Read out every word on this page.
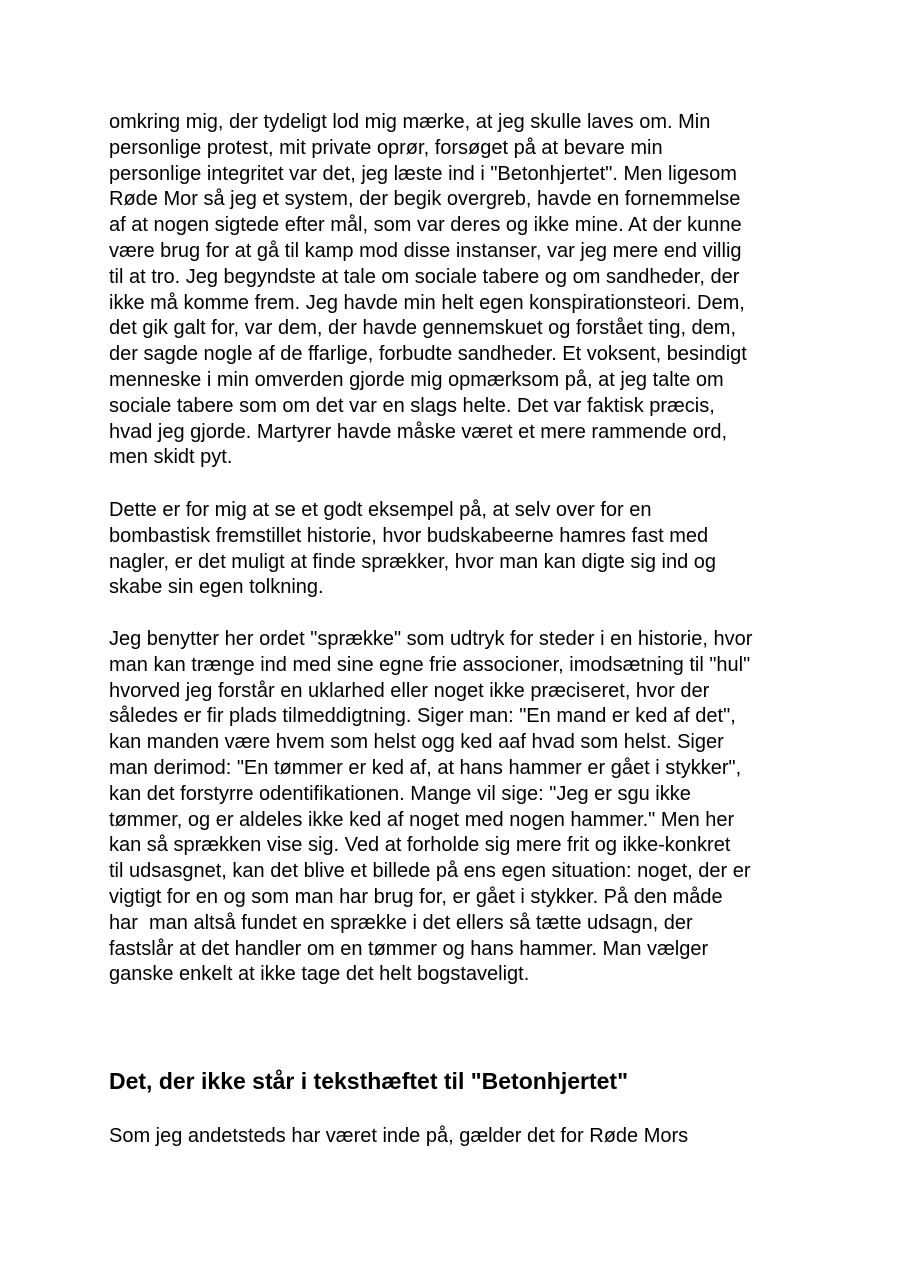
omkring mig, der tydeligt lod mig mærke, at jeg skulle laves om. Min
personlige protest, mit private oprør, forsøget på at bevare min
personlige integritet var det, jeg læste ind i "Betonhjertet". Men ligesom
Røde Mor så jeg et system, der begik overgreb, havde en fornemmelse
af at nogen sigtede efter mål, som var deres og ikke mine. At der kunne
være brug for at gå til kamp mod disse instanser, var jeg mere end villig
til at tro. Jeg begyndste at tale om sociale tabere og om sandheder, der
ikke må komme frem. Jeg havde min helt egen konspirationsteori. Dem,
det gik galt for, var dem, der havde gennemskuet og forstået ting, dem,
der sagde nogle af de ffarlige, forbudte sandheder. Et voksent, besindigt
menneske i min omverden gjorde mig opmærksom på, at jeg talte om
sociale tabere som om det var en slags helte. Det var faktisk præcis,
hvad jeg gjorde. Martyrer havde måske været et mere rammende ord,
men skidt pyt.
Dette er for mig at se et godt eksempel på, at selv over for en
bombastisk fremstillet historie, hvor budskabeerne hamres fast med
nagler, er det muligt at finde sprækker, hvor man kan digte sig ind og
skabe sin egen tolkning.
Jeg benytter her ordet "sprække" som udtryk for steder i en historie, hvor
man kan trænge ind med sine egne frie associoner, imodsætning til "hul"
hvorved jeg forstår en uklarhed eller noget ikke præciseret, hvor der
således er fir plads tilmeddigtning. Siger man: "En mand er ked af det",
kan manden være hvem som helst ogg ked aaf hvad som helst. Siger
man derimod: "En tømmer er ked af, at hans hammer er gået i stykker",
kan det forstyrre odentifikationen. Mange vil sige: "Jeg er sgu ikke
tømmer, og er aldeles ikke ked af noget med nogen hammer." Men her
kan så sprækken vise sig. Ved at forholde sig mere frit og ikke-konkret
til udsasgnet, kan det blive et billede på ens egen situation: noget, der er
vigtigt for en og som man har brug for, er gået i stykker. På den måde
har  man altså fundet en sprække i det ellers så tætte udsagn, der
fastslår at det handler om en tømmer og hans hammer. Man vælger
ganske enkelt at ikke tage det helt bogstaveligt.
Det, der ikke står i teksthæftet til "Betonhjertet"
Som jeg andetsteds har været inde på, gælder det for Røde Mors
